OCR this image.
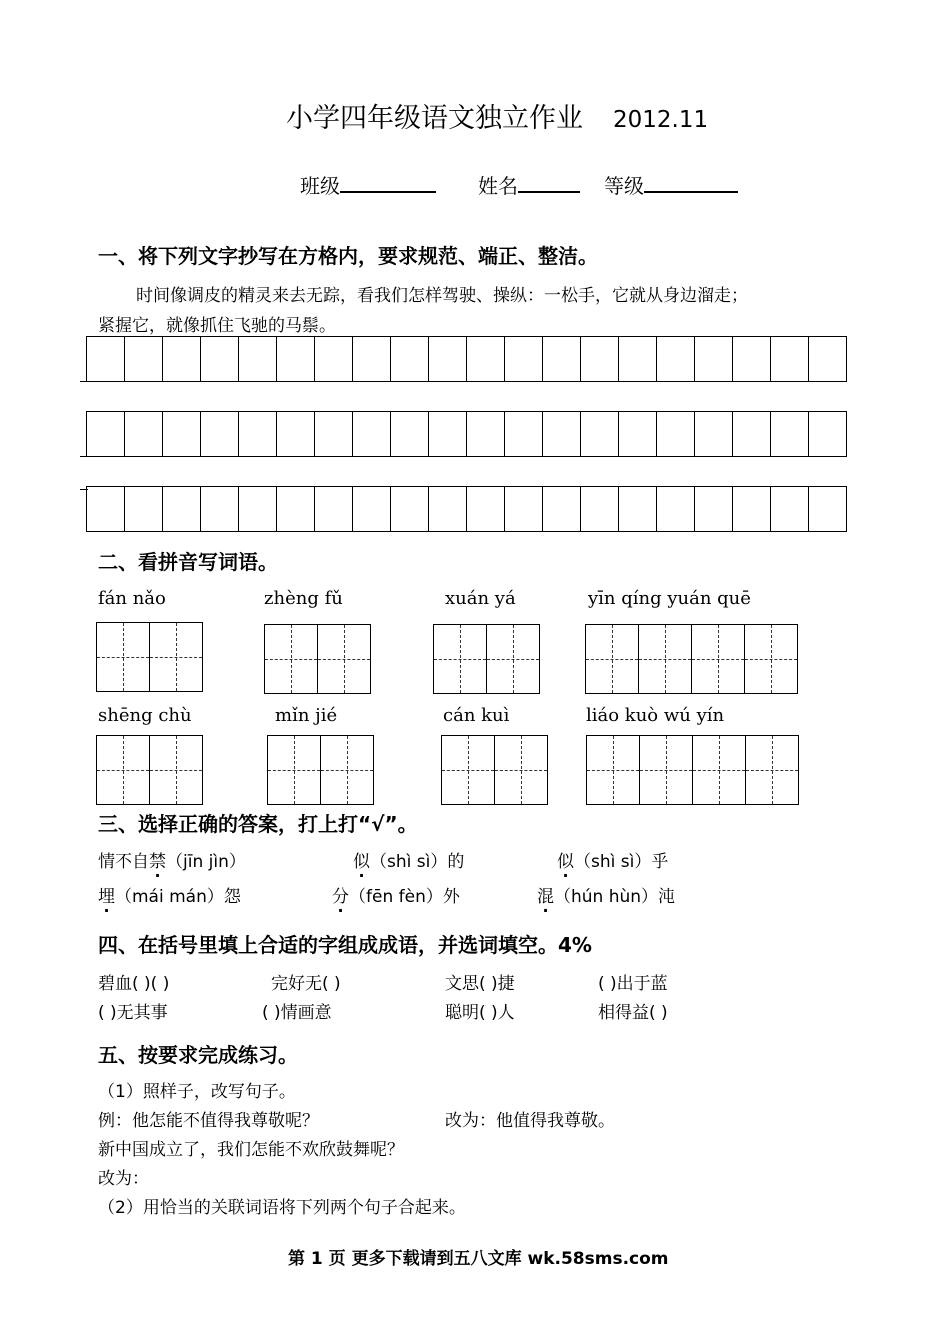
小学四年级语文独立作业 2012.11
班级	姓名	等级
一、将下列文字抄写在方格内，要求规范、端正、整洁。
时间像调皮的精灵来去无踪，看我们怎样驾驶、操纵：一松手，它就从身边溜走；
紧握它，就像抓住飞驰的马鬃。
二、看拼音写词语。
fán nǎo	zhèng fǔ	xuán yá	yīn qíng yuán quē
shēng chù	mǐn jié	cán kuì	liáo kuò wú yín
三、选择正确的答案，打上打“√”。
情不自禁（jīn jìn）	似（shì sì）的	似（shì sì）乎
埋（mái mán）怨	分（fēn fèn）外	混（hún hùn）沌
四、在括号里填上合适的字组成成语，并选词填空。4%
碧血( )( )	完好无( )	文思( )捷	( )出于蓝
( )无其事	( )情画意	聪明( )人	相得益( )
五、按要求完成练习。
（1）照样子，改写句子。
例：他怎能不值得我尊敬呢？	改为：他值得我尊敬。
新中国成立了，我们怎能不欢欣鼓舞呢？
改为：
（2）用恰当的关联词语将下列两个句子合起来。
第 1 页 更多下载请到五八文库 wk.58sms.com
